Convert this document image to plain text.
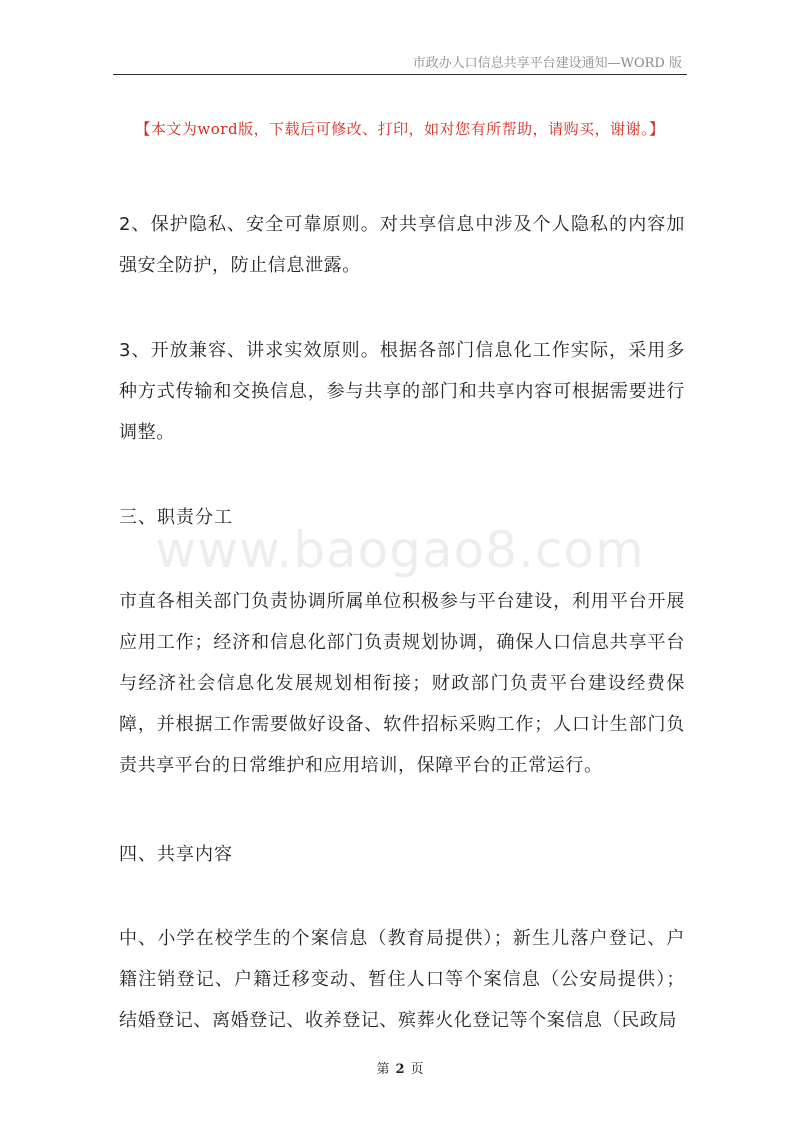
市政办人口信息共享平台建设通知—WORD 版
【本文为word版，下载后可修改、打印，如对您有所帮助，请购买，谢谢。】

2、保护隐私、安全可靠原则。对共享信息中涉及个人隐私的内容加强安全防护，防止信息泄露。

3、开放兼容、讲求实效原则。根据各部门信息化工作实际，采用多种方式传输和交换信息，参与共享的部门和共享内容可根据需要进行调整。

三、职责分工

市直各相关部门负责协调所属单位积极参与平台建设，利用平台开展应用工作；经济和信息化部门负责规划协调，确保人口信息共享平台与经济社会信息化发展规划相衔接；财政部门负责平台建设经费保障，并根据工作需要做好设备、软件招标采购工作；人口计生部门负责共享平台的日常维护和应用培训，保障平台的正常运行。

四、共享内容

中、小学在校学生的个案信息（教育局提供）；新生儿落户登记、户籍注销登记、户籍迁移变动、暂住人口等个案信息（公安局提供）；结婚登记、离婚登记、收养登记、殡葬火化登记等个案信息（民政局

www.baogao8.com
第 2 页
